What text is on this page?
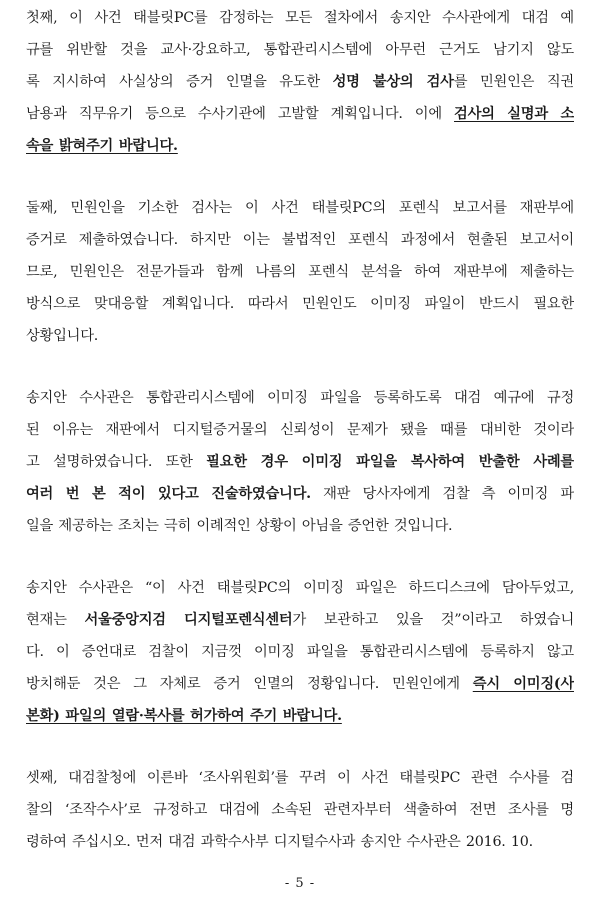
첫째, 이 사건 태블릿PC를 감정하는 모든 절차에서 송지안 수사관에게 대검 예
규를 위반할 것을 교사·강요하고, 통합관리시스템에 아무런 근거도 남기지 않도
록 지시하여 사실상의 증거 인멸을 유도한 성명 불상의 검사를 민원인은 직권
남용과 직무유기 등으로 수사기관에 고발할 계획입니다. 이에 검사의 실명과 소
속을 밝혀주기 바랍니다.
둘째, 민원인을 기소한 검사는 이 사건 태블릿PC의 포렌식 보고서를 재판부에
증거로 제출하였습니다. 하지만 이는 불법적인 포렌식 과정에서 현출된 보고서이
므로, 민원인은 전문가들과 함께 나름의 포렌식 분석을 하여 재판부에 제출하는
방식으로 맞대응할 계획입니다. 따라서 민원인도 이미징 파일이 반드시 필요한
상황입니다.
송지안 수사관은 통합관리시스템에 이미징 파일을 등록하도록 대검 예규에 규정
된 이유는 재판에서 디지털증거물의 신뢰성이 문제가 됐을 때를 대비한 것이라
고 설명하였습니다. 또한 필요한 경우 이미징 파일을 복사하여 반출한 사례를
여러 번 본 적이 있다고 진술하였습니다. 재판 당사자에게 검찰 측 이미징 파
일을 제공하는 조치는 극히 이례적인 상황이 아님을 증언한 것입니다.
송지안 수사관은 “이 사건 태블릿PC의 이미징 파일은 하드디스크에 담아두었고,
현재는 서울중앙지검 디지털포렌식센터가 보관하고 있을 것”이라고 하였습니
다. 이 증언대로 검찰이 지금껏 이미징 파일을 통합관리시스템에 등록하지 않고
방치해둔 것은 그 자체로 증거 인멸의 정황입니다. 민원인에게 즉시 이미징(사
본화) 파일의 열람·복사를 허가하여 주기 바랍니다.
셋째, 대검찰청에 이른바 ‘조사위원회’를 꾸려 이 사건 태블릿PC 관련 수사를 검
찰의 ‘조작수사’로 규정하고 대검에 소속된 관련자부터 색출하여 전면 조사를 명
령하여 주십시오. 먼저 대검 과학수사부 디지털수사과 송지안 수사관은 2016. 10.
- 5 -
